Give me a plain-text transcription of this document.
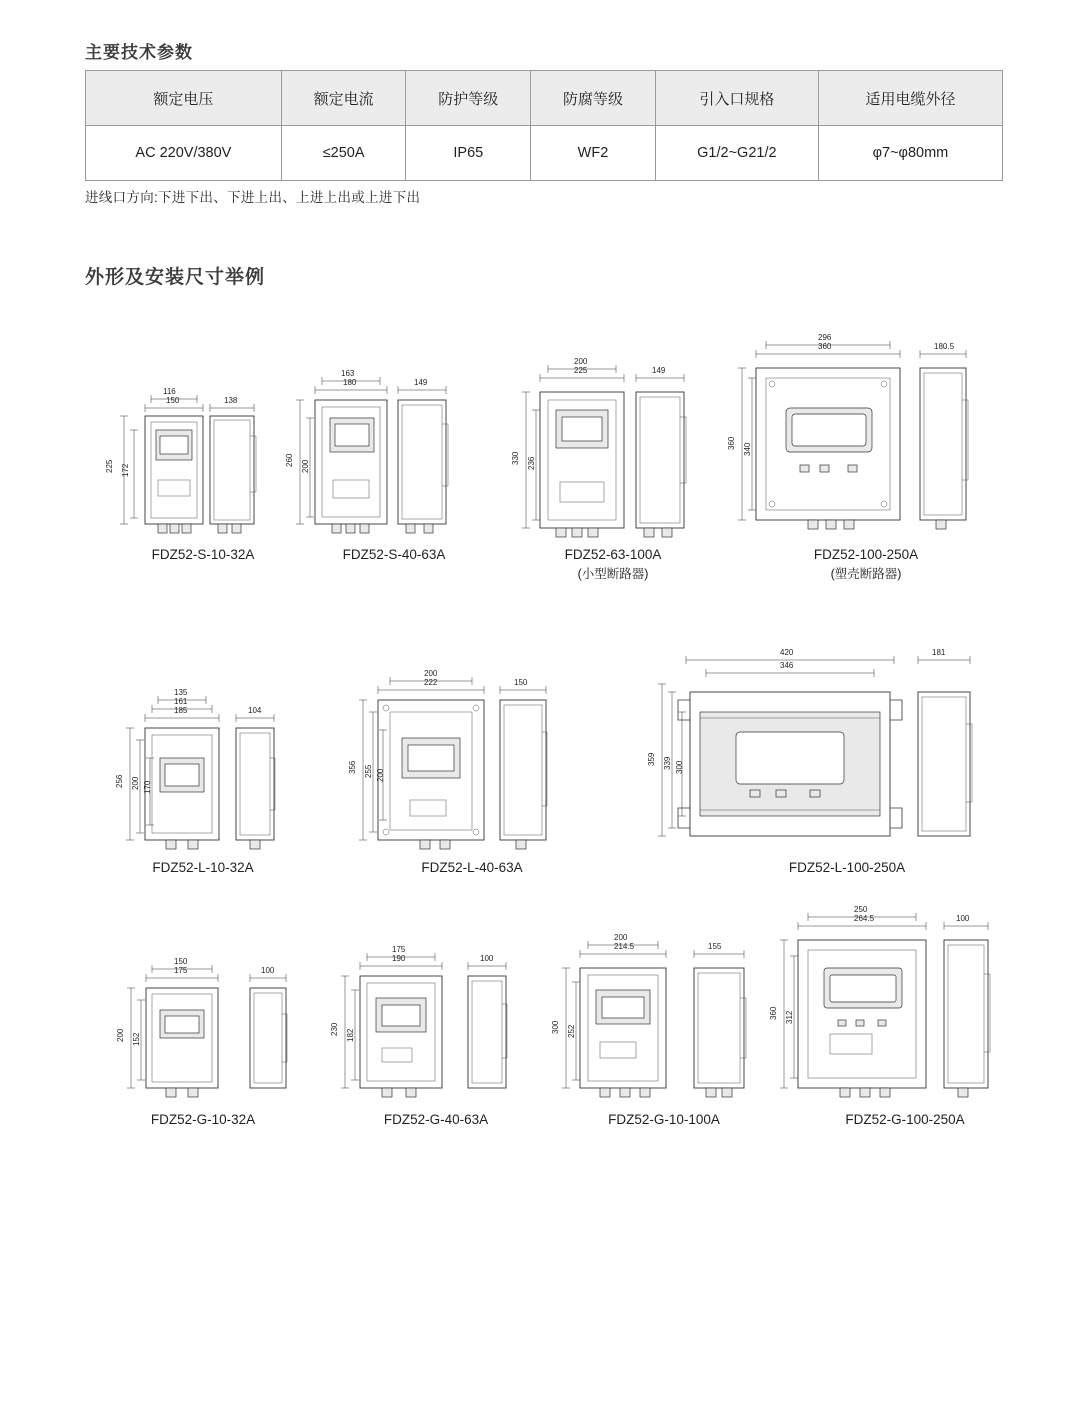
主要技术参数
额定电压	额定电流	防护等级	防腐等级	引入口规格	适用电缆外径
AC 220V/380V	≤250A	IP65	WF2	G1/2~G21/2	φ7~φ80mm
进线口方向:下进下出、下进上出、上进上出或上进下出
外形及安装尺寸举例
150
116
225 172
138
180
163
260 200
149
225
200
330 236
149
360
296
360 340
180.5
185
161
135
256 200 170
104
222
200
356 255 200
150
420
346
359 339 300
181
175
150
200 152
100
190
175
230 182
100
214.5
200
300 252
155
264.5
250
360 312
100
FDZ52-S-10-32A	FDZ52-S-40-63A	FDZ52-63-100A
(小型断路器)
FDZ52-100-250A
(塑壳断路器)
FDZ52-L-10-32A	FDZ52-L-40-63A	FDZ52-L-100-250A
FDZ52-G-10-32A	FDZ52-G-40-63A	FDZ52-G-10-100A	FDZ52-G-100-250A
